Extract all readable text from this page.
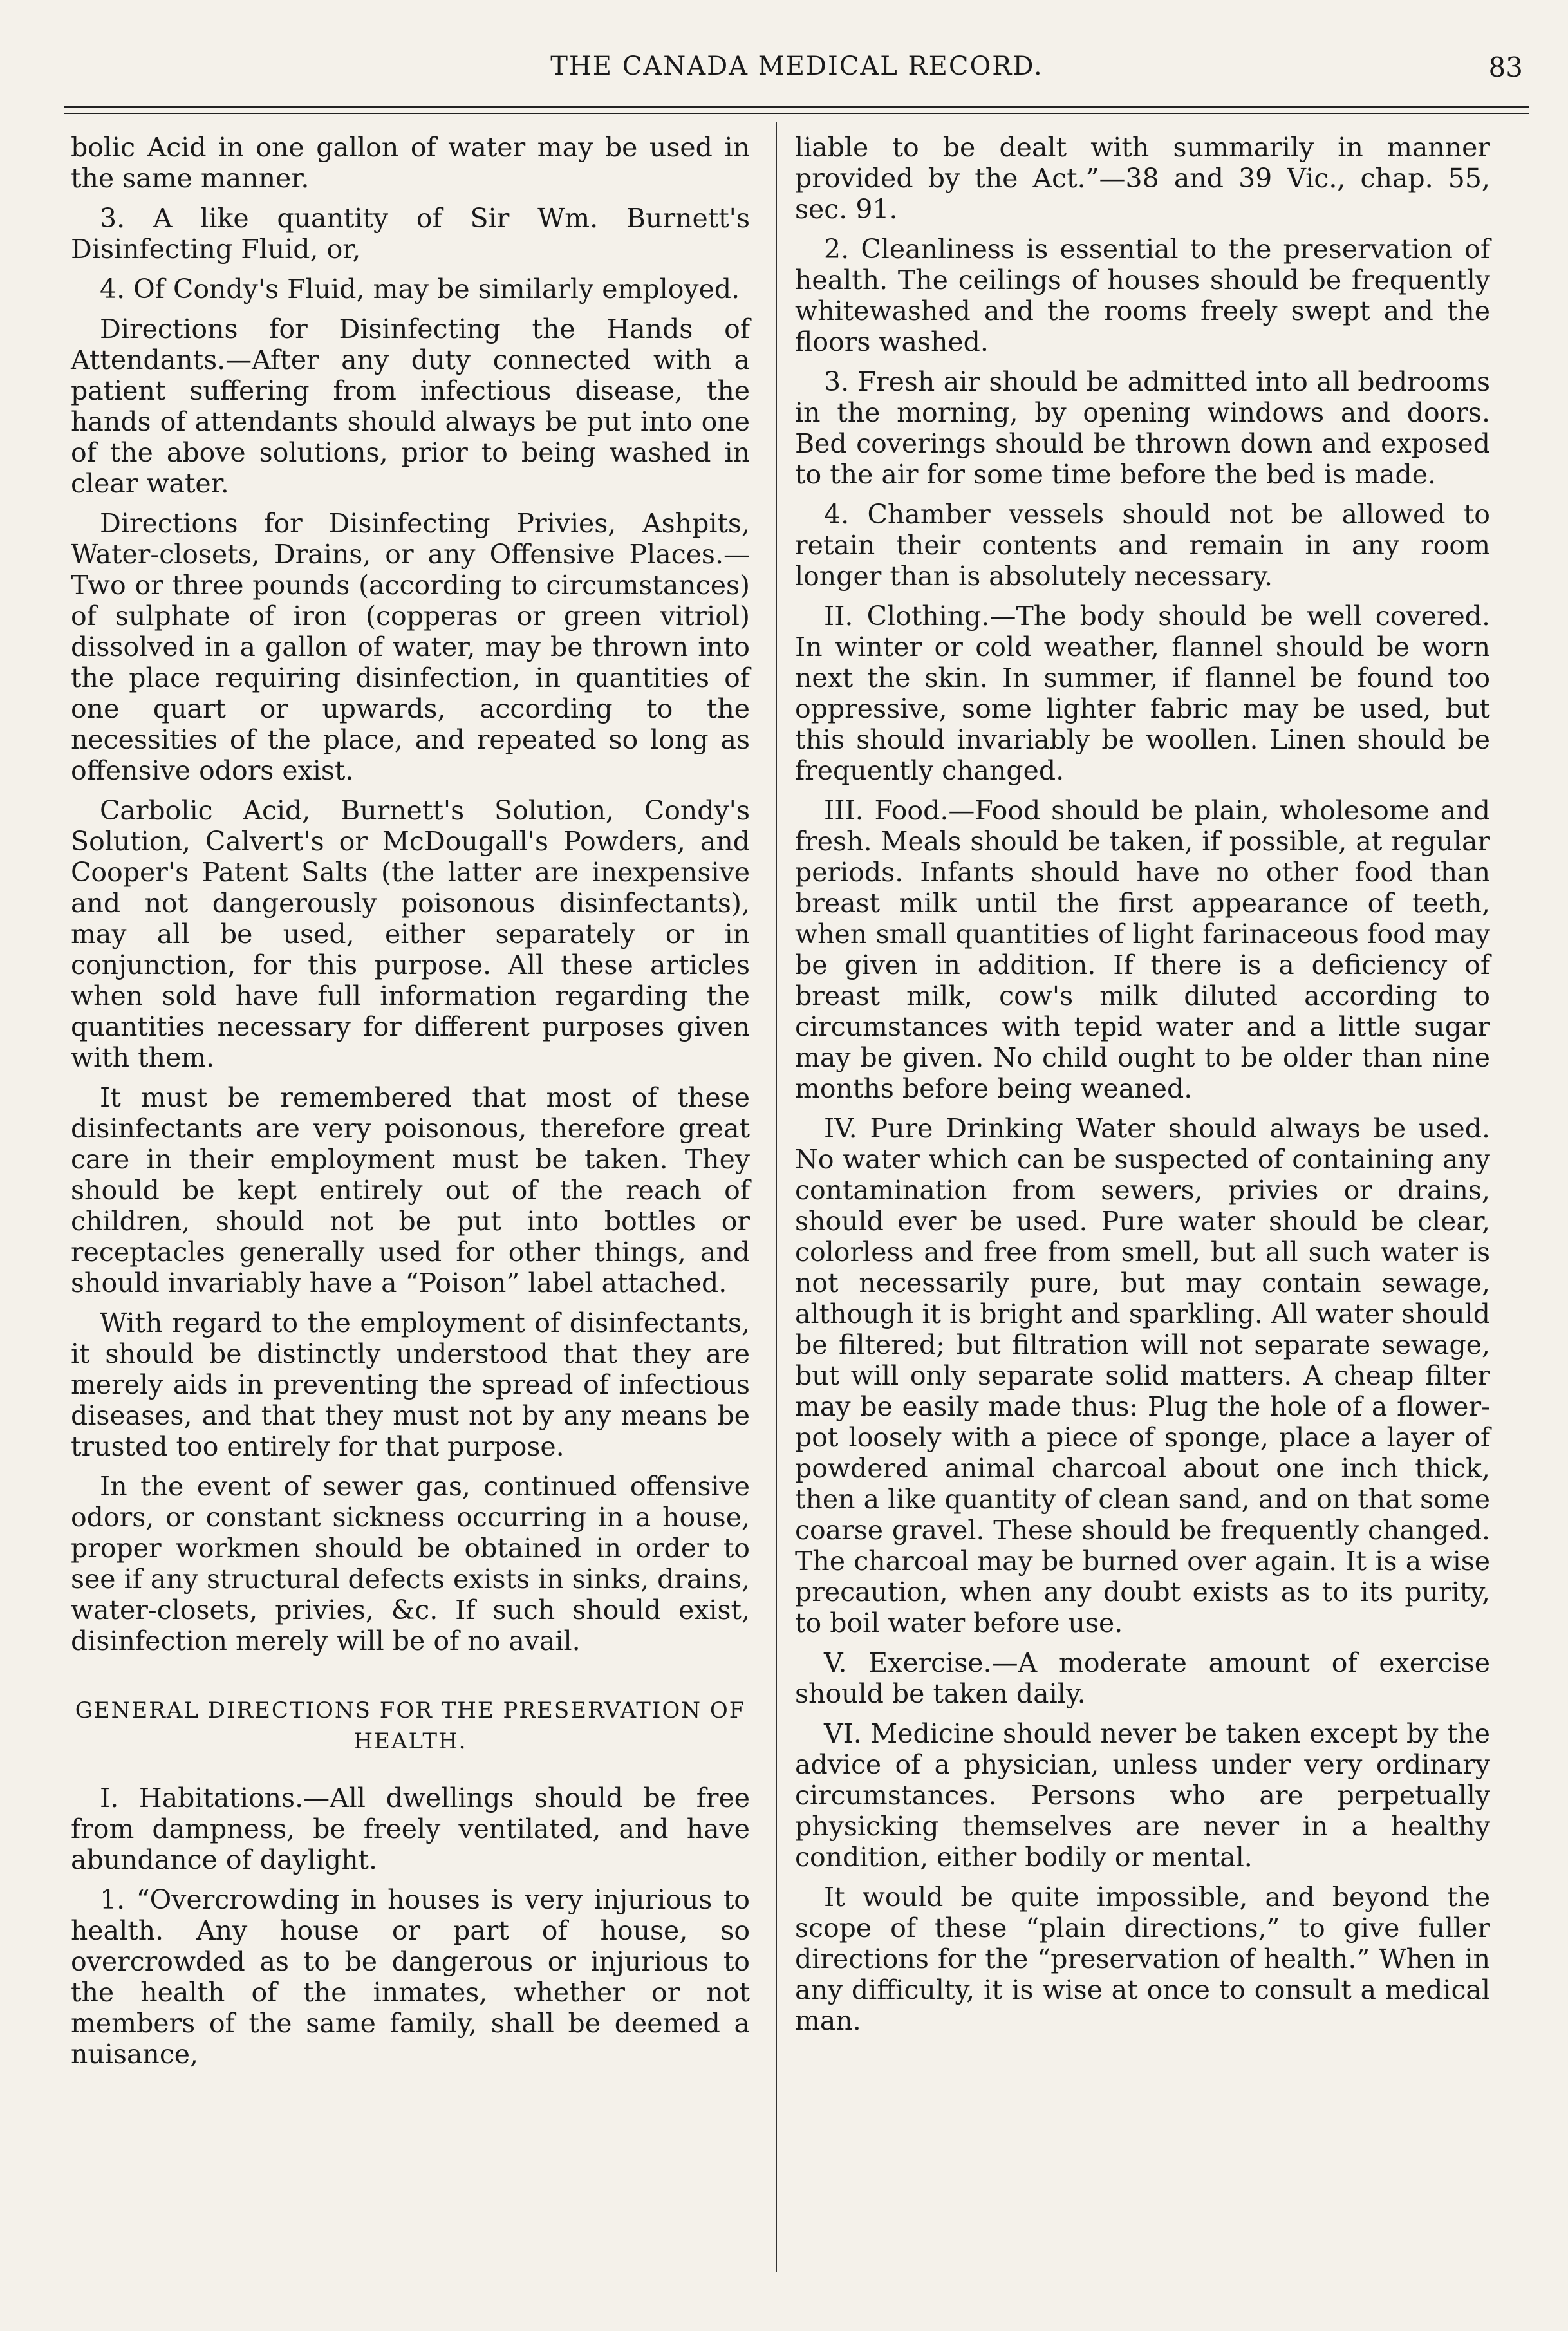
THE CANADA MEDICAL RECORD.	83

bolic Acid in one gallon of water may be used in the same manner.

3. A like quantity of Sir Wm. Burnett's Disinfecting Fluid, or,

4. Of Condy's Fluid, may be similarly employed.

Directions for Disinfecting the Hands of Attendants.—After any duty connected with a patient suffering from infectious disease, the hands of attendants should always be put into one of the above solutions, prior to being washed in clear water.

Directions for Disinfecting Privies, Ashpits, Water-closets, Drains, or any Offensive Places.—Two or three pounds (according to circumstances) of sulphate of iron (copperas or green vitriol) dissolved in a gallon of water, may be thrown into the place requiring disinfection, in quantities of one quart or upwards, according to the necessities of the place, and repeated so long as offensive odors exist.

Carbolic Acid, Burnett's Solution, Condy's Solution, Calvert's or McDougall's Powders, and Cooper's Patent Salts (the latter are inexpensive and not dangerously poisonous disinfectants), may all be used, either separately or in conjunction, for this purpose. All these articles when sold have full information regarding the quantities necessary for different purposes given with them.

It must be remembered that most of these disinfectants are very poisonous, therefore great care in their employment must be taken. They should be kept entirely out of the reach of children, should not be put into bottles or receptacles generally used for other things, and should invariably have a “Poison” label attached.

With regard to the employment of disinfectants, it should be distinctly understood that they are merely aids in preventing the spread of infectious diseases, and that they must not by any means be trusted too entirely for that purpose.

In the event of sewer gas, continued offensive odors, or constant sickness occurring in a house, proper workmen should be obtained in order to see if any structural defects exists in sinks, drains, water-closets, privies, &c. If such should exist, disinfection merely will be of no avail.

GENERAL DIRECTIONS FOR THE PRESERVATION OF HEALTH.

I. Habitations.—All dwellings should be free from dampness, be freely ventilated, and have abundance of daylight.

1. “Overcrowding in houses is very injurious to health. Any house or part of house, so overcrowded as to be dangerous or injurious to the health of the inmates, whether or not members of the same family, shall be deemed a nuisance,

liable to be dealt with summarily in manner provided by the Act.”—38 and 39 Vic., chap. 55, sec. 91.

2. Cleanliness is essential to the preservation of health. The ceilings of houses should be frequently whitewashed and the rooms freely swept and the floors washed.

3. Fresh air should be admitted into all bedrooms in the morning, by opening windows and doors. Bed coverings should be thrown down and exposed to the air for some time before the bed is made.

4. Chamber vessels should not be allowed to retain their contents and remain in any room longer than is absolutely necessary.

II. Clothing.—The body should be well covered. In winter or cold weather, flannel should be worn next the skin. In summer, if flannel be found too oppressive, some lighter fabric may be used, but this should invariably be woollen. Linen should be frequently changed.

III. Food.—Food should be plain, wholesome and fresh. Meals should be taken, if possible, at regular periods. Infants should have no other food than breast milk until the first appearance of teeth, when small quantities of light farinaceous food may be given in addition. If there is a deficiency of breast milk, cow's milk diluted according to circumstances with tepid water and a little sugar may be given. No child ought to be older than nine months before being weaned.

IV. Pure Drinking Water should always be used. No water which can be suspected of containing any contamination from sewers, privies or drains, should ever be used. Pure water should be clear, colorless and free from smell, but all such water is not necessarily pure, but may contain sewage, although it is bright and sparkling. All water should be filtered; but filtration will not separate sewage, but will only separate solid matters. A cheap filter may be easily made thus: Plug the hole of a flower-pot loosely with a piece of sponge, place a layer of powdered animal charcoal about one inch thick, then a like quantity of clean sand, and on that some coarse gravel. These should be frequently changed. The charcoal may be burned over again. It is a wise precaution, when any doubt exists as to its purity, to boil water before use.

V. Exercise.—A moderate amount of exercise should be taken daily.

VI. Medicine should never be taken except by the advice of a physician, unless under very ordinary circumstances. Persons who are perpetually physicking themselves are never in a healthy condition, either bodily or mental.

It would be quite impossible, and beyond the scope of these “plain directions,” to give fuller directions for the “preservation of health.” When in any difficulty, it is wise at once to consult a medical man.
